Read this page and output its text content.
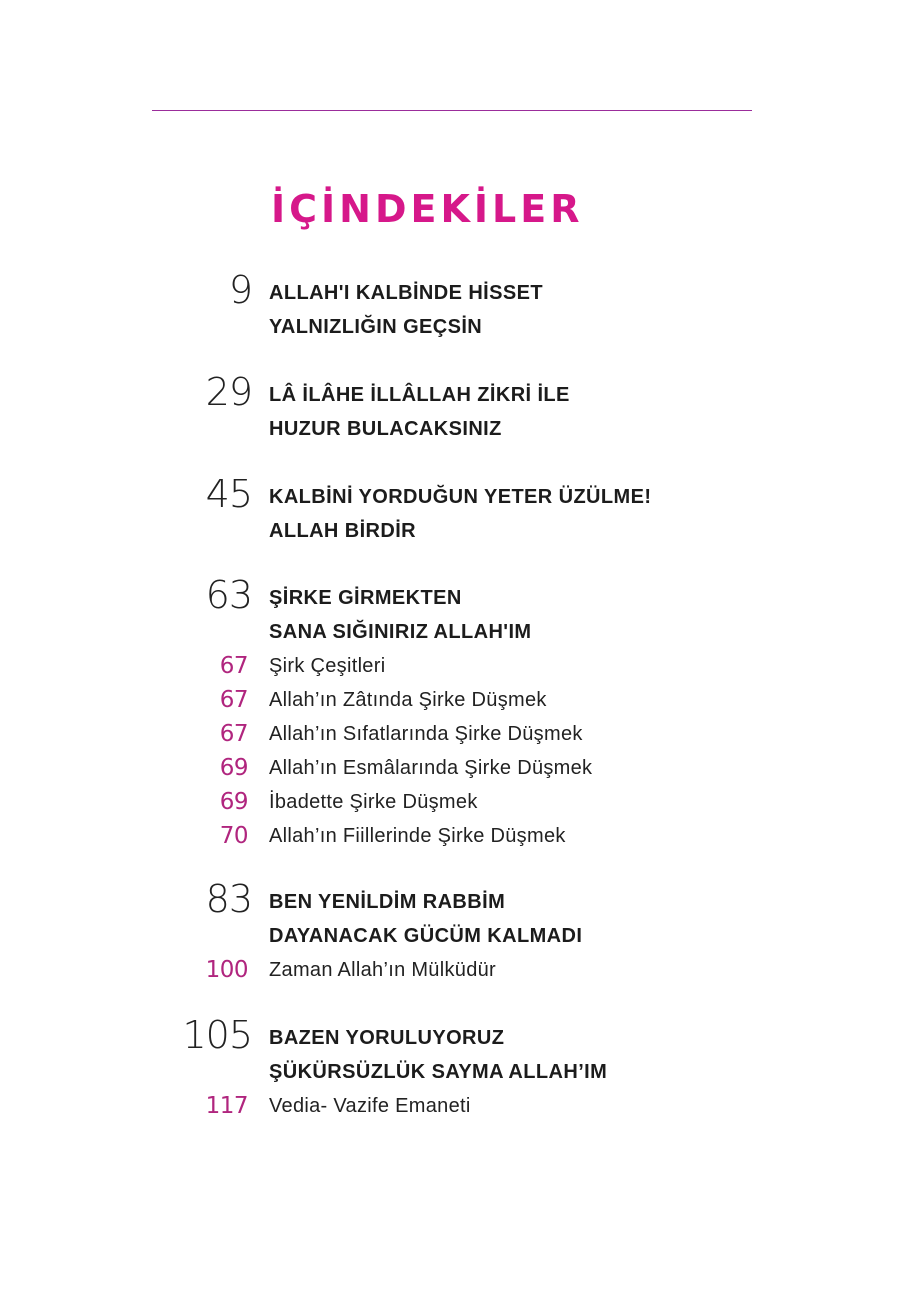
İÇİNDEKİLER
9 ALLAH'I KALBİNDE HİSSET
YALNIZLIĞIN GEÇSİN
29 LÂ İLÂHE İLLÂLLAH ZİKRİ İLE
HUZUR BULACAKSINIZ
45 KALBİNİ YORDUĞUN YETER ÜZÜLME!
ALLAH BİRDİR
63 ŞİRKE GİRMEKTEN
SANA SIĞINIRIZ ALLAH'IM
67 Şirk Çeşitleri
67 Allah’ın Zâtında Şirke Düşmek
67 Allah’ın Sıfatlarında Şirke Düşmek
69 Allah’ın Esmâlarında Şirke Düşmek
69 İbadette Şirke Düşmek
70 Allah’ın Fiillerinde Şirke Düşmek
83 BEN YENİLDİM RABBİM
DAYANACAK GÜCÜM KALMADI
100 Zaman Allah’ın Mülküdür
105 BAZEN YORULUYORUZ
ŞÜKÜRSÜZLÜK SAYMA ALLAH’IM
117 Vedia- Vazife Emaneti
